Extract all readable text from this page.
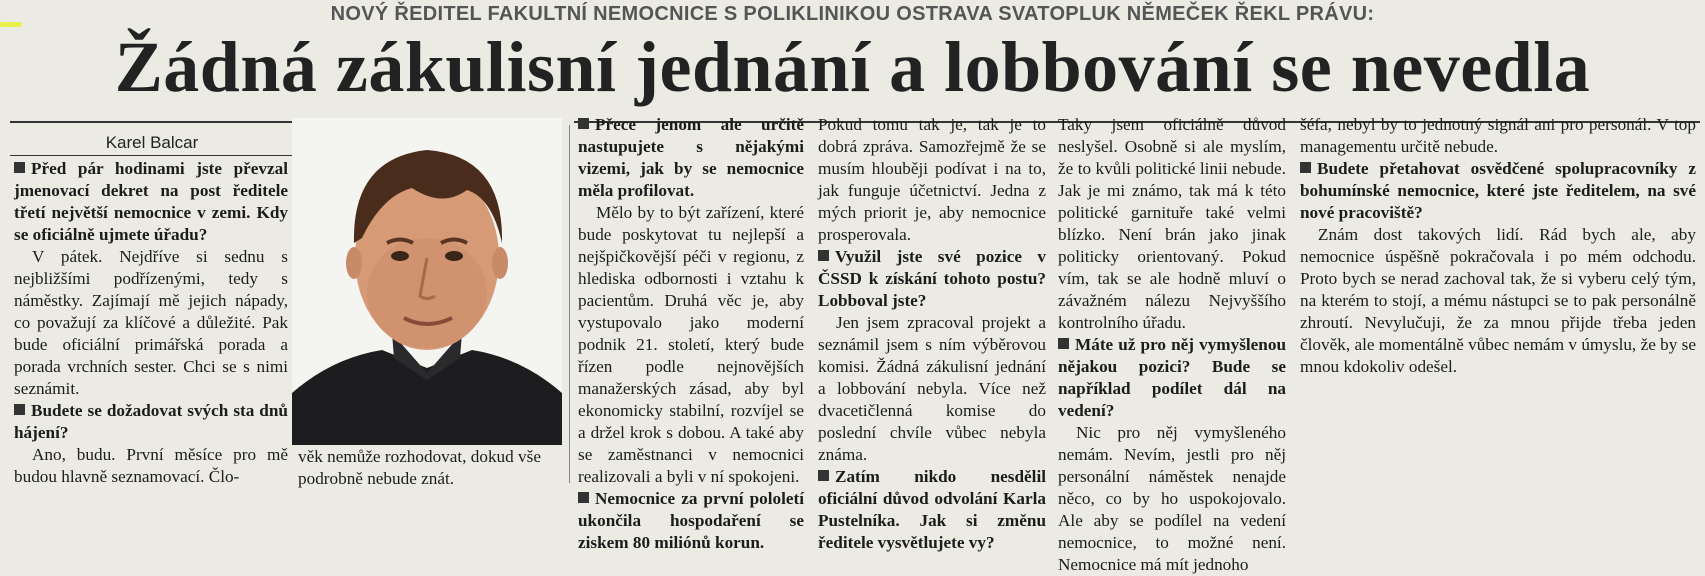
NOVÝ ŘEDITEL FAKULTNÍ NEMOCNICE S POLIKLINIKOU OSTRAVA SVATOPLUK NĚMEČEK ŘEKL PRÁVU:
Žádná zákulisní jednání a lobbování se nevedla
Karel Balcar
věk nemůže rozhodovat, dokud vše podrobně nebude znát.

Před pár hodinami jste převzal jmenovací dekret na post ředitele třetí největší nemocnice v zemi. Kdy se oficiálně ujmete úřadu?

V pátek. Nejdříve si sednu s nejbližšími podřízenými, tedy s náměstky. Zajímají mě jejich nápady, co považují za klíčové a důležité. Pak bude oficiální primářská porada a porada vrchních sester. Chci se s nimi seznámit.

Budete se dožadovat svých sta dnů hájení?

Ano, budu. První měsíce pro mě budou hlavně seznamovací. Člo-

Přece jenom ale určitě nastupujete s nějakými vizemi, jak by se nemocnice měla profilovat.

Mělo by to být zařízení, které bude poskytovat tu nejlepší a nejšpičkovější péči v regionu, z hlediska odbornosti i vztahu k pacientům. Druhá věc je, aby vystupovalo jako moderní podnik 21. století, který bude řízen podle nejnovějších manažerských zásad, aby byl ekonomicky stabilní, rozvíjel se a držel krok s dobou. A také aby se zaměstnanci v nemocnici realizovali a byli v ní spokojeni.

Nemocnice za první pololetí ukončila hospodaření se ziskem 80 miliónů korun.

Pokud tomu tak je, tak je to dobrá zpráva. Samozřejmě že se musím hlouběji podívat i na to, jak funguje účetnictví. Jedna z mých priorit je, aby nemocnice prosperovala.

Využil jste své pozice v ČSSD k získání tohoto postu? Lobboval jste?

Jen jsem zpracoval projekt a seznámil jsem s ním výběrovou komisi. Žádná zákulisní jednání a lobbování nebyla. Více než dvacetičlenná komise do poslední chvíle vůbec nebyla známa.

Zatím nikdo nesdělil oficiální důvod odvolání Karla Pustelníka. Jak si změnu ředitele vysvětlujete vy?

Taky jsem oficiálně důvod neslyšel. Osobně si ale myslím, že to kvůli politické linii nebude. Jak je mi známo, tak má k této politické garnituře také velmi blízko. Není brán jako jinak politicky orientovaný. Pokud vím, tak se ale hodně mluví o závažném nálezu Nejvyššího kontrolního úřadu.

Máte už pro něj vymyšlenou nějakou pozici? Bude se například podílet dál na vedení?

Nic pro něj vymyšleného nemám. Nevím, jestli pro něj personální náměstek nenajde něco, co by ho uspokojovalo. Ale aby se podílel na vedení nemocnice, to možné není. Nemocnice má mít jednoho

šéfa, nebyl by to jednotný signál ani pro personál. V top managementu určitě nebude.

Budete přetahovat osvědčené spolupracovníky z bohumínské nemocnice, které jste ředitelem, na své nové pracoviště?

Znám dost takových lidí. Rád bych ale, aby nemocnice úspěšně pokračovala i po mém odchodu. Proto bych se nerad zachoval tak, že si vyberu celý tým, na kterém to stojí, a mému nástupci se to pak personálně zhroutí. Nevylučuji, že za mnou přijde třeba jeden člověk, ale momentálně vůbec nemám v úmyslu, že by se mnou kdokoliv odešel.
